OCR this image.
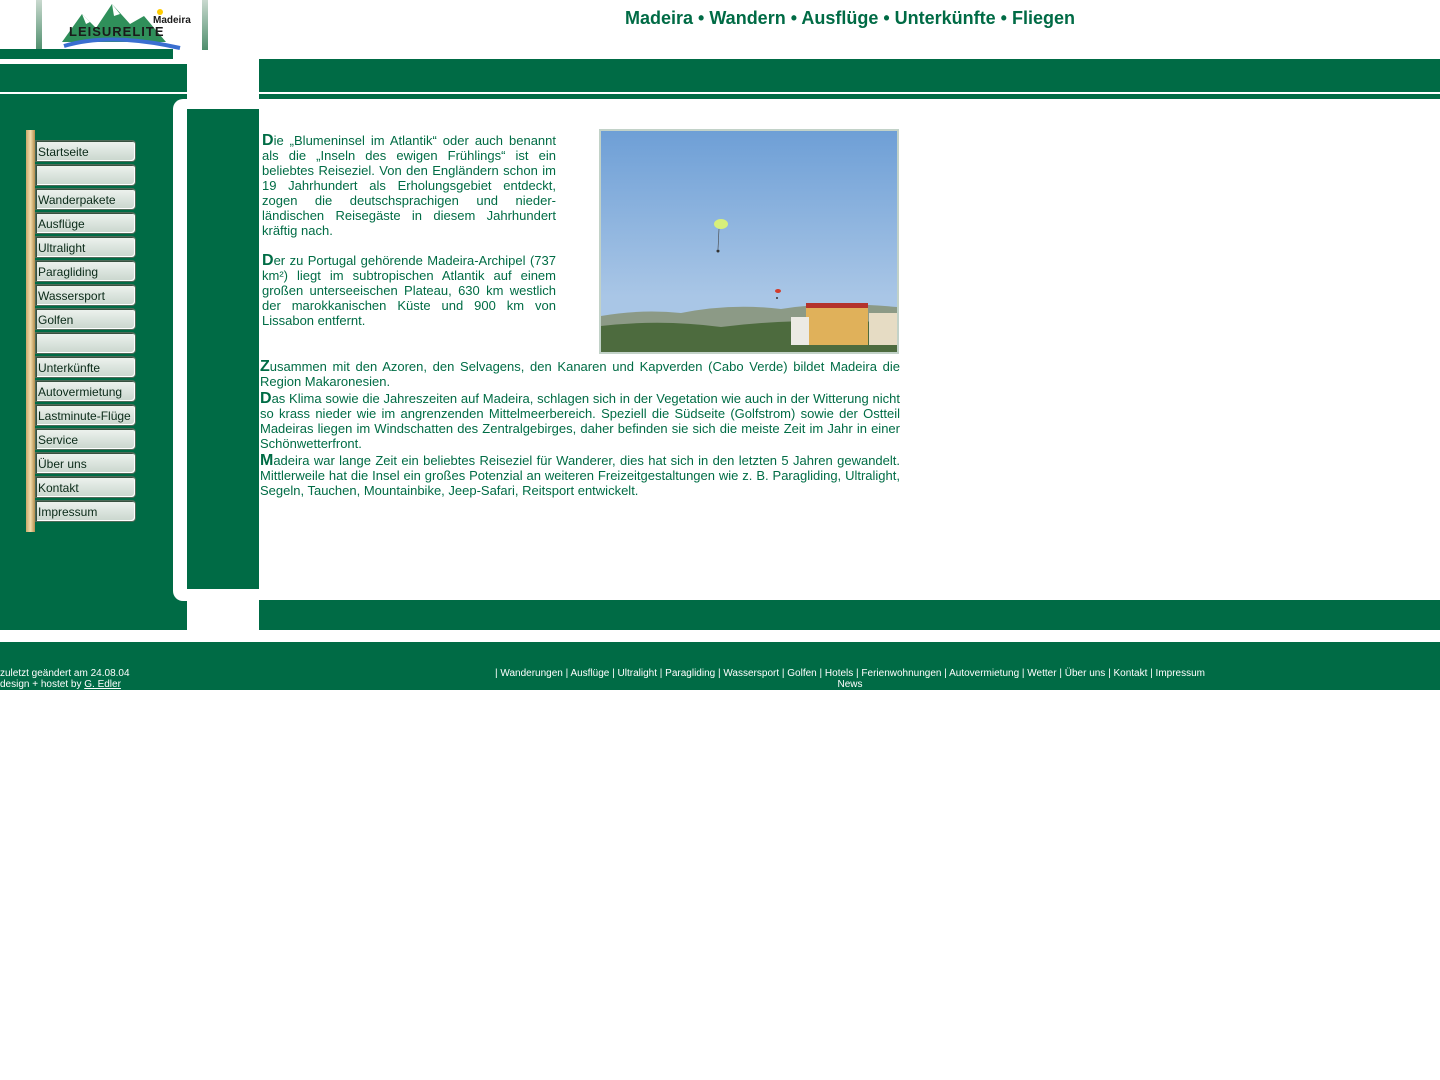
Madeira
LEISURELITE
Madeira • Wandern • Ausflüge • Unterkünfte • Fliegen
Startseite
Wanderpakete
Ausflüge
Ultralight
Paragliding
Wassersport
Golfen
Unterkünfte
Autovermietung
Lastminute-Flüge
Service
Über uns
Kontakt
Impressum

Die „Blumeninsel im Atlantik“ oder auch benannt als die „Inseln des ewigen Frühlings“ ist ein beliebtes Reiseziel. Von den Engländern schon im 19 Jahrhundert als Erholungsgebiet entdeckt, zogen die deutschsprachigen und nieder-ländischen Reisegäste in diesem Jahrhundert kräftig nach.

Der zu Portugal gehörende Madeira-Archipel (737 km²) liegt im subtropischen Atlantik auf einem großen unterseeischen Plateau, 630 km westlich der marokkanischen Küste und 900 km von Lissabon entfernt.

Zusammen mit den Azoren, den Selvagens, den Kanaren und Kapverden (Cabo Verde) bildet Madeira die Region Makaronesien.

Das Klima sowie die Jahreszeiten auf Madeira, schlagen sich in der Vegetation wie auch in der Witterung nicht so krass nieder wie im angrenzenden Mittelmeerbereich. Speziell die Südseite (Golfstrom) sowie der Ostteil Madeiras liegen im Windschatten des Zentralgebirges, daher befinden sie sich die meiste Zeit im Jahr in einer Schönwetterfront.

Madeira war lange Zeit ein beliebtes Reiseziel für Wanderer, dies hat sich in den letzten 5 Jahren gewandelt. Mittlerweile hat die Insel ein großes Potenzial an weiteren Freizeitgestaltungen wie z. B. Paragliding, Ultralight, Segeln, Tauchen, Mountainbike, Jeep-Safari, Reitsport entwickelt.

zuletzt geändert am 24.08.04
design + hostet by G. Edler
| Wanderungen | Ausflüge | Ultralight | Paragliding | Wassersport | Golfen | Hotels | Ferienwohnungen | Autovermietung | Wetter | Über uns | Kontakt | Impressum
News
